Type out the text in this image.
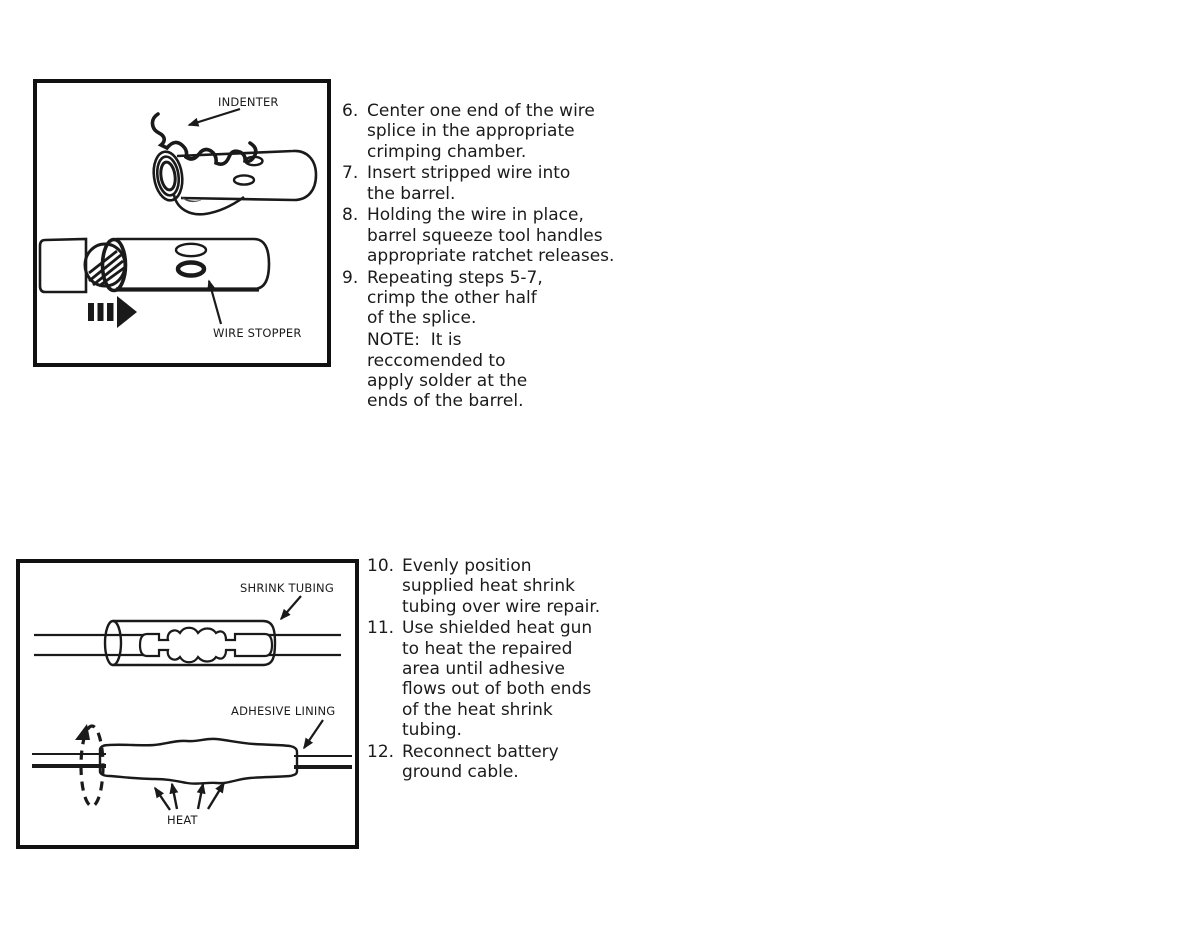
INDENTER
WIRE STOPPER
6. Center one end of the wire
splice in the appropriate
crimping chamber.
7. Insert stripped wire into
the barrel.
8. Holding the wire in place,
barrel squeeze tool handles
appropriate ratchet releases.
9. Repeating steps 5-7,
crimp the other half
of the splice.
NOTE:  It is
reccomended to
apply solder at the
ends of the barrel.
SHRINK TUBING
ADHESIVE LINING
HEAT
10. Evenly position
supplied heat shrink
tubing over wire repair.
11. Use shielded heat gun
to heat the repaired
area until adhesive
flows out of both ends
of the heat shrink
tubing.
12. Reconnect battery
ground cable.
